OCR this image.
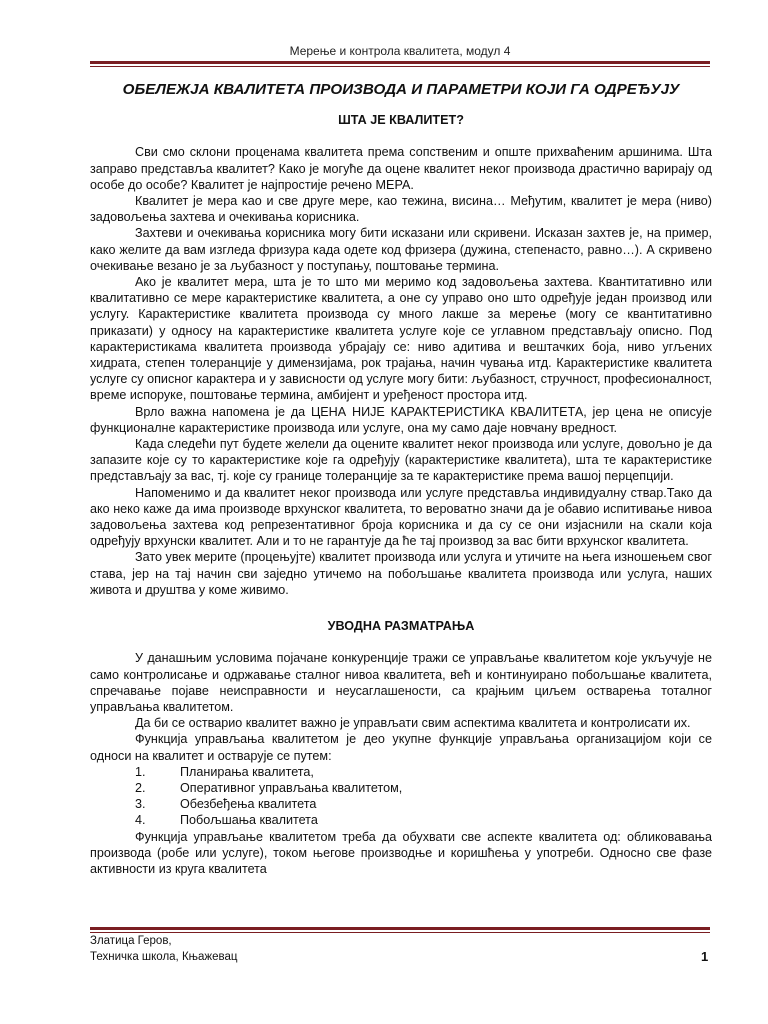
Мерење и контрола квалитета, модул 4
ОБЕЛЕЖЈА КВАЛИТЕТА ПРОИЗВОДА И ПАРАМЕТРИ КОЈИ ГА ОДРЕЂУЈУ
ШТА ЈЕ КВАЛИТЕТ?

Сви смо склони проценама квалитета према сопственим и опште прихваћеним аршинима. Шта заправо представља квалитет? Како је могуће да оцене квалитет неког производа драстично варирају од особе до особе? Квалитет је најпростије речено МЕРА.

Квалитет је мера као и све друге мере, као тежина, висина… Међутим, квалитет је мера (ниво) задовољења захтева и очекивања корисника.

Захтеви и очекивања корисника могу бити исказани или скривени. Исказан захтев је, на пример, како желите да вам изгледа фризура када одете код фризера (дужина, степенасто, равно…). А скривено очекивање везано је за љубазност у поступању, поштовање термина.

Ако је квалитет мера, шта је то што ми меримо код задовољења захтева. Квантитативно или квалитативно се мере карактеристике квалитета, а оне су управо оно што одређује један производ или услугу. Карактеристике квалитета производа су много лакше за мерење (могу се квантитативно приказати) у односу на карактеристике квалитета услуге које се углавном представљају описно. Под карактеристикама квалитета производа убрајају се: ниво адитива и вештачких боја, ниво угљених хидрата, степен толеранције у димензијама, рок трајања, начин чувања итд. Карактеристике квалитета услуге су описног карактера и у зависности од услуге могу бити: љубазност, стручност, професионалност, време испоруке, поштовање термина, амбијент и уређеност простора итд.

Врло важна напомена је да ЦЕНА НИЈЕ КАРАКТЕРИСТИКА КВАЛИТЕТА, јер цена не описује функционалне карактеристике производа или услуге, она му само даје новчану вредност.

Када следећи пут будете желели да оцените квалитет неког производа или услуге, довољно је да запазите које су то карактеристике које га одређују (карактеристике квалитета), шта те карактеристике представљају за вас, тј. које су границе толеранције за те карактеристике према вашој перцепцији.

Напоменимо и да квалитет неког производа или услуге представља индивидуалну ствар.Тако да ако неко каже да има производе врхунског квалитета, то вероватно значи да је обавио испитивање нивоа задовољења захтева код репрезентативног броја корисника и да су се они изјаснили на скали која одређују врхунски квалитет. Али и то не гарантује да ће тај производ за вас бити врхунског квалитета.

Зато увек мерите (процењујте) квалитет производа или услуга и утичите на њега изношењем свог става, јер на тај начин сви заједно утичемо на побољшање квалитета производа или услуга, наших живота и друштва у коме живимо.

УВОДНА РАЗМАТРАЊА

У данашњим условима појачане конкуренције тражи се управљање квалитетом које укључује не само контролисање и одржавање сталног нивоа квалитета, већ и континуирано побољшање квалитета, спречавање појаве неисправности и неусаглашености, са крајњим циљем остварења тоталног управљања квалитетом.

Да би се остварио квалитет важно је управљати свим аспектима квалитета и контролисати их.

Функција управљања квалитетом је део укупне функције управљања организацијом који се односи на квалитет и остварује се путем:

1.	Планирања квалитета,
2.	Оперативног управљања квалитетом,
3.	Обезбеђења квалитета
4.	Побољшања квалитета

Функција управљање квалитетом треба да обухвати све аспекте квалитета од: обликовавања производа (робе или услуге), током његове производње и коришћења у употреби. Односно све фазе активности из круга квалитета

Златица Геров,
Техничка школа, Књажевац	1
